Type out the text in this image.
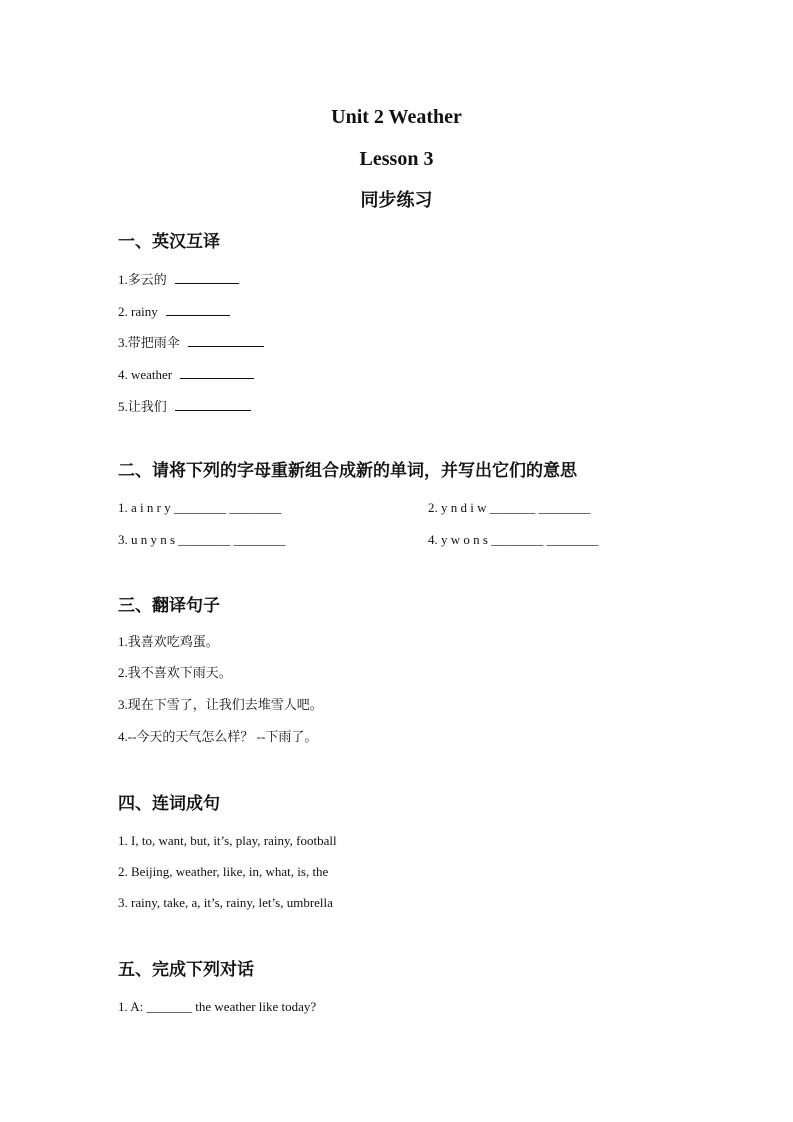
Unit 2 Weather
Lesson 3
同步练习
一、英汉互译
1.多云的
2. rainy
3.带把雨伞
4. weather
5.让我们
二、请将下列的字母重新组合成新的单词，并写出它们的意思
1. a i n r y ________ ________	2. y n d i w _______ ________
3. u n y n s ________ ________	4. y w o n s ________ ________
三、翻译句子
1.我喜欢吃鸡蛋。
2.我不喜欢下雨天。
3.现在下雪了，让我们去堆雪人吧。
4.--今天的天气怎么样？ --下雨了。
四、连词成句
1. I, to, want, but, it’s, play, rainy, football
2. Beijing, weather, like, in, what, is, the
3. rainy, take, a, it’s, rainy, let’s, umbrella
五、完成下列对话
1. A: _______ the weather like today?
